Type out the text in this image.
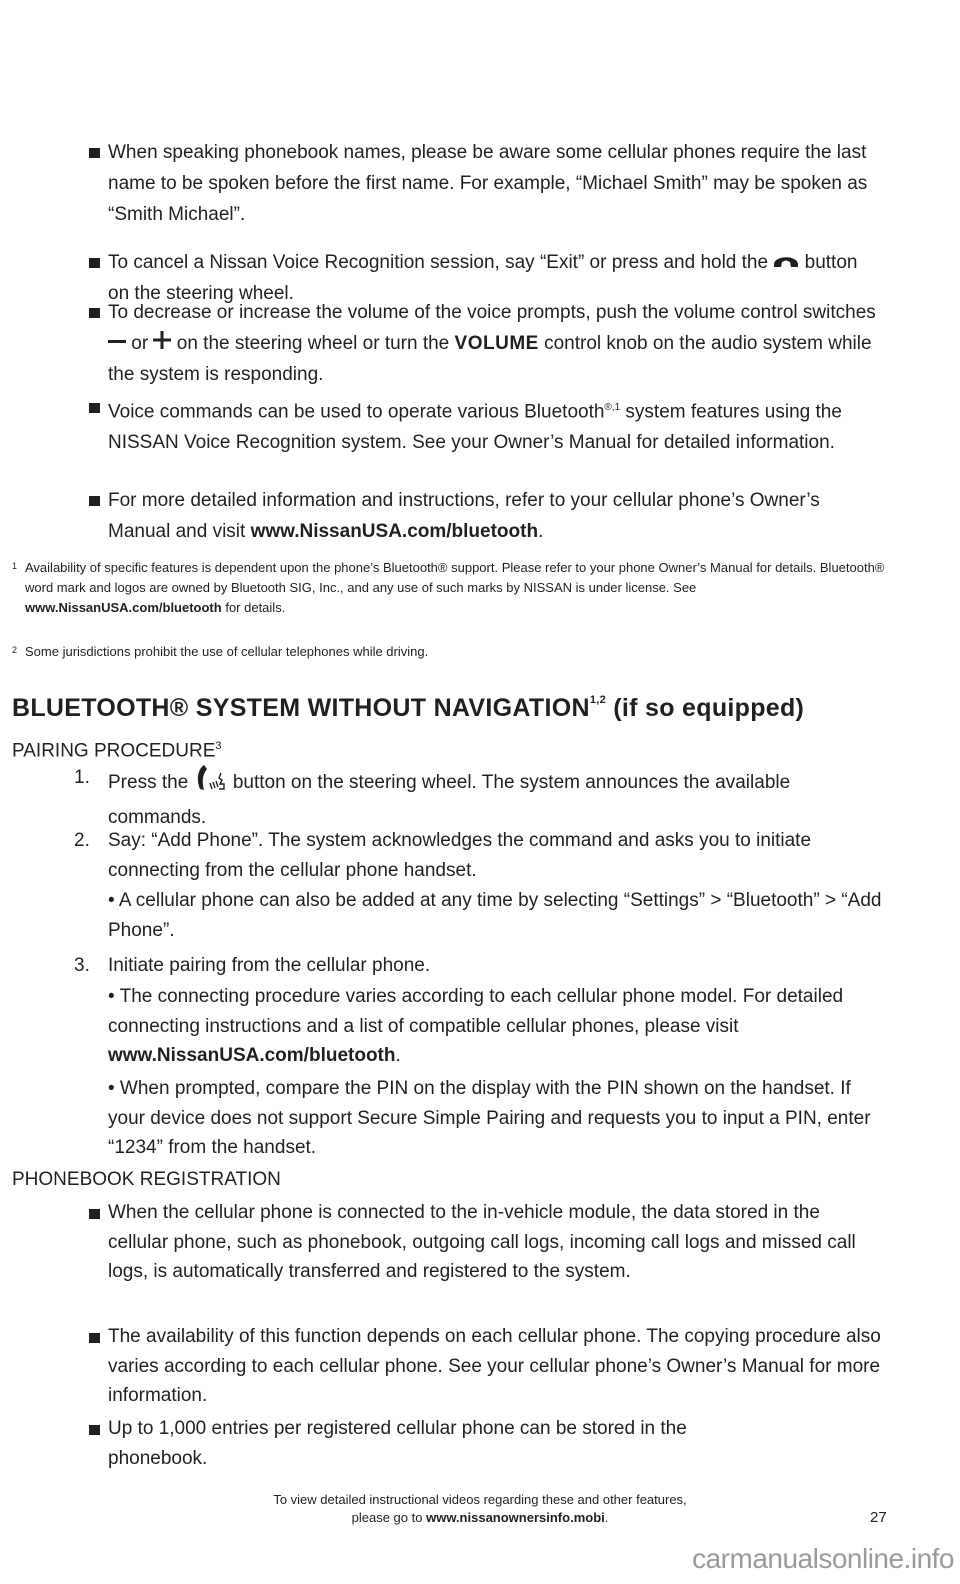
When speaking phonebook names, please be aware some cellular phones require the last name to be spoken before the first name. For example, “Michael Smith” may be spoken as “Smith Michael”.
To cancel a Nissan Voice Recognition session, say “Exit” or press and hold the button on the steering wheel.
To decrease or increase the volume of the voice prompts, push the volume control switches  or on the steering wheel or turn the VOLUME control knob on the audio system while the system is responding.
Voice commands can be used to operate various Bluetooth$^{®,1}$ system features using the NISSAN Voice Recognition system. See your Owner’s Manual for detailed information.
For more detailed information and instructions, refer to your cellular phone’s Owner’s Manual and visit www.NissanUSA.com/bluetooth.
1 Availability of specific features is dependent upon the phone’s Bluetooth® support. Please refer to your phone Owner’s Manual for details. Bluetooth® word mark and logos are owned by Bluetooth SIG, Inc., and any use of such marks by NISSAN is under license. See www.NissanUSA.com/bluetooth for details.
2 Some jurisdictions prohibit the use of cellular telephones while driving.
BLUETOOTH® SYSTEM WITHOUT NAVIGATION$^{1,2}$ (if so equipped)
PAIRING PROCEDURE$^3$
1. Press the button on the steering wheel. The system announces the available commands.
2. Say: “Add Phone”. The system acknowledges the command and asks you to initiate connecting from the cellular phone handset.
• A cellular phone can also be added at any time by selecting “Settings” > “Bluetooth” > “Add Phone”.
3. Initiate pairing from the cellular phone.
• The connecting procedure varies according to each cellular phone model. For detailed connecting instructions and a list of compatible cellular phones, please visit www.NissanUSA.com/bluetooth.
• When prompted, compare the PIN on the display with the PIN shown on the handset. If your device does not support Secure Simple Pairing and requests you to input a PIN, enter “1234” from the handset.
PHONEBOOK REGISTRATION
When the cellular phone is connected to the in-vehicle module, the data stored in the cellular phone, such as phonebook, outgoing call logs, incoming call logs and missed call logs, is automatically transferred and registered to the system.
The availability of this function depends on each cellular phone. The copying procedure also varies according to each cellular phone. See your cellular phone’s Owner’s Manual for more information.
Up to 1,000 entries per registered cellular phone can be stored in the phonebook.
To view detailed instructional videos regarding these and other features,
please go to www.nissanownersinfo.mobi.	27
carmanualsonline.info
